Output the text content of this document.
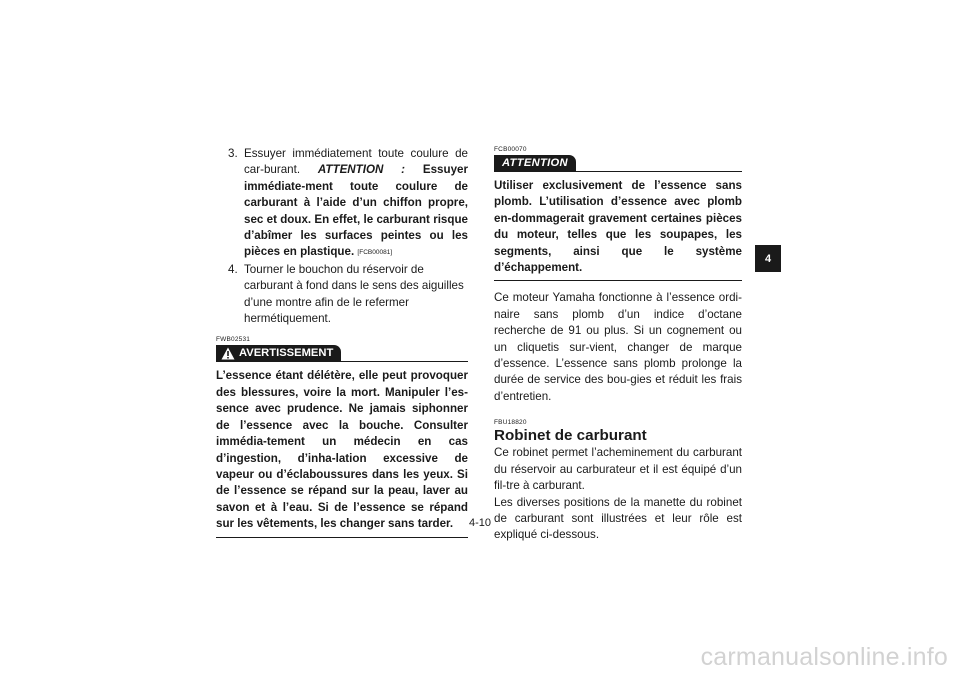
3. Essuyer immédiatement toute coulure de car-burant. ATTENTION : Essuyer immédiate-ment toute coulure de carburant à l’aide d’un chiffon propre, sec et doux. En effet, le carburant risque d’abîmer les surfaces peintes ou les pièces en plastique. [FCB00081]
4. Tourner le bouchon du réservoir de carburant à fond dans le sens des aiguilles d’une montre afin de le refermer hermétiquement.
FWB02531
AVERTISSEMENT
L’essence étant délétère, elle peut provoquer des blessures, voire la mort. Manipuler l’es-sence avec prudence. Ne jamais siphonner de l’essence avec la bouche. Consulter immédia-tement un médecin en cas d’ingestion, d’inha-lation excessive de vapeur ou d’éclaboussures dans les yeux. Si de l’essence se répand sur la peau, laver au savon et à l’eau. Si de l’essence se répand sur les vêtements, les changer sans tarder.
FCB00070
ATTENTION
Utiliser exclusivement de l’essence sans plomb. L’utilisation d’essence avec plomb en-dommagerait gravement certaines pièces du moteur, telles que les soupapes, les segments, ainsi que le système d’échappement.
Ce moteur Yamaha fonctionne à l’essence ordi-naire sans plomb d’un indice d’octane recherche de 91 ou plus. Si un cognement ou un cliquetis sur-vient, changer de marque d’essence. L’essence sans plomb prolonge la durée de service des bou-gies et réduit les frais d’entretien.
FBU18820
Robinet de carburant
Ce robinet permet l’acheminement du carburant du réservoir au carburateur et il est équipé d’un fil-tre à carburant.
Les diverses positions de la manette du robinet de carburant sont illustrées et leur rôle est expliqué ci-dessous.
4
4-10
carmanualsonline.info
